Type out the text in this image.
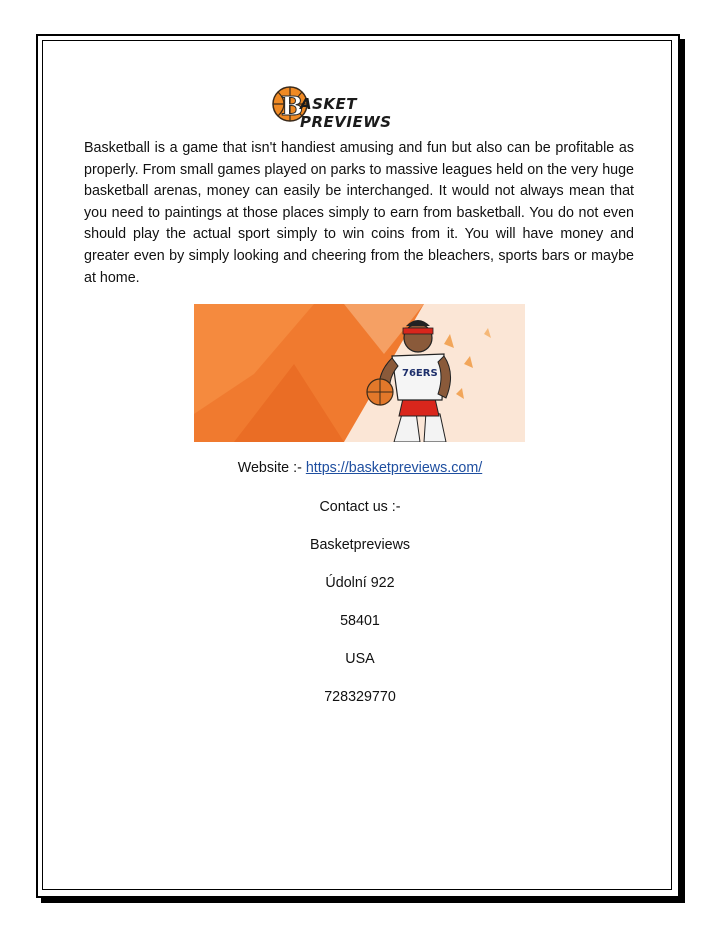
B
ASKET PREVIEWS

Basketball is a game that isn't handiest amusing and fun but also can be profitable as properly. From small games played on parks to massive leagues held on the very huge basketball arenas, money can easily be interchanged. It would not always mean that you need to paintings at those places simply to earn from basketball. You do not even should play the actual sport simply to win coins from it. You will have money and greater even by simply looking and cheering from the bleachers, sports bars or maybe at home.

76ERS
Website :- https://basketpreviews.com/
Contact us :-
Basketpreviews
Údolní 922
58401
USA
728329770
